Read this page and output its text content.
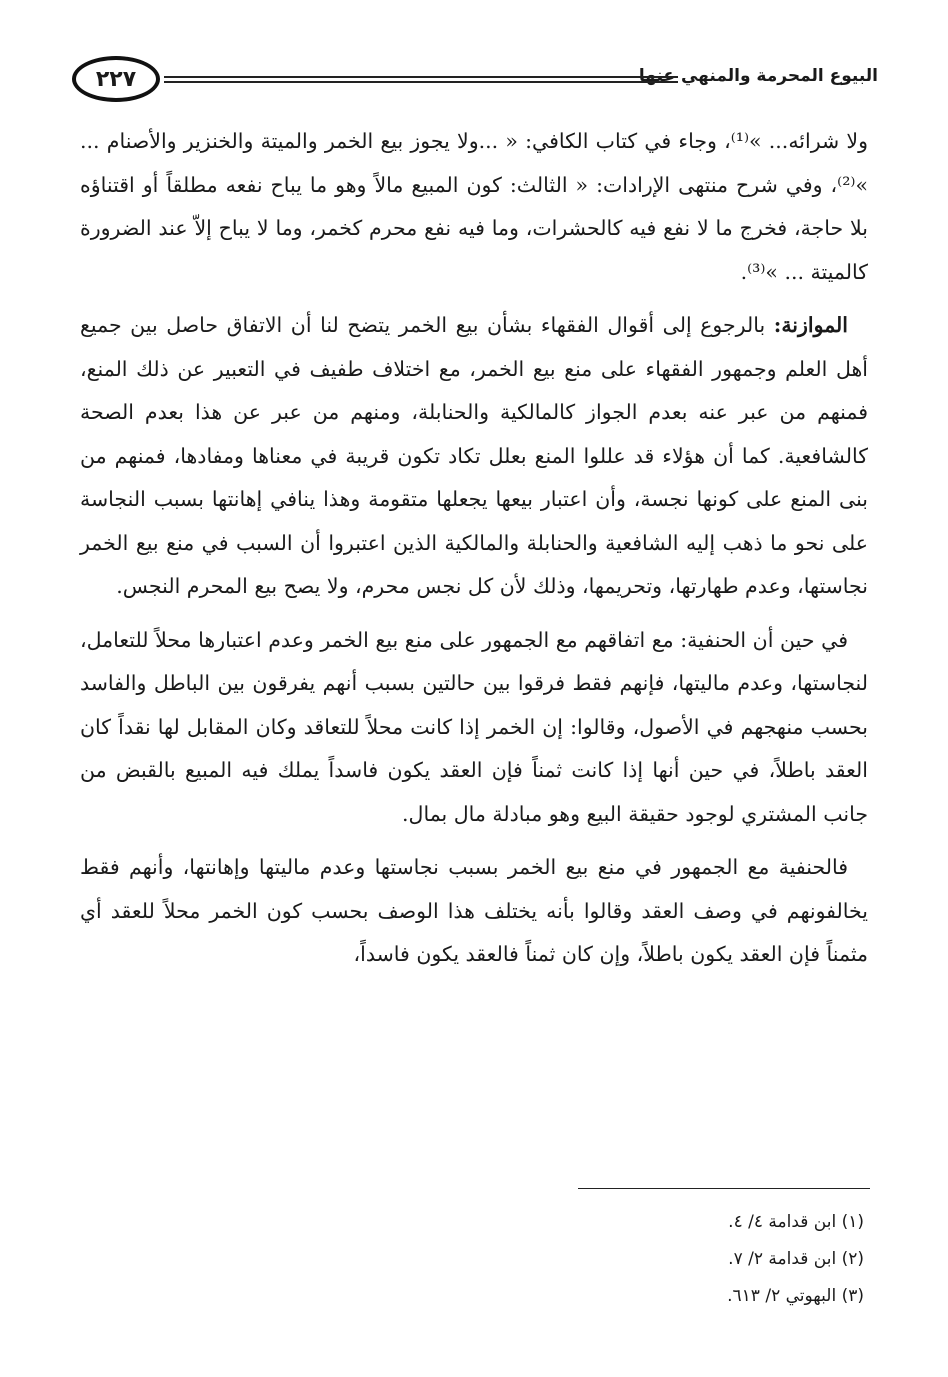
البيوع المحرمة والمنهي عنها
٢٢٧

ولا شرائه... »⁽¹⁾، وجاء في كتاب الكافي: « ...ولا يجوز بيع الخمر والميتة والخنزير والأصنام ... »⁽²⁾، وفي شرح منتهى الإرادات: « الثالث: كون المبيع مالاً وهو ما يباح نفعه مطلقاً أو اقتناؤه بلا حاجة، فخرج ما لا نفع فيه كالحشرات، وما فيه نفع محرم كخمر، وما لا يباح إلاّ عند الضرورة كالميتة ... »⁽³⁾.

الموازنة: بالرجوع إلى أقوال الفقهاء بشأن بيع الخمر يتضح لنا أن الاتفاق حاصل بين جميع أهل العلم وجمهور الفقهاء على منع بيع الخمر، مع اختلاف طفيف في التعبير عن ذلك المنع، فمنهم من عبر عنه بعدم الجواز كالمالكية والحنابلة، ومنهم من عبر عن هذا بعدم الصحة كالشافعية. كما أن هؤلاء قد عللوا المنع بعلل تكاد تكون قريبة في معناها ومفادها، فمنهم من بنى المنع على كونها نجسة، وأن اعتبار بيعها يجعلها متقومة وهذا ينافي إهانتها بسبب النجاسة على نحو ما ذهب إليه الشافعية والحنابلة والمالكية الذين اعتبروا أن السبب في منع بيع الخمر نجاستها، وعدم طهارتها، وتحريمها، وذلك لأن كل نجس محرم، ولا يصح بيع المحرم النجس.

في حين أن الحنفية: مع اتفاقهم مع الجمهور على منع بيع الخمر وعدم اعتبارها محلاً للتعامل، لنجاستها، وعدم ماليتها، فإنهم فقط فرقوا بين حالتين بسبب أنهم يفرقون بين الباطل والفاسد بحسب منهجهم في الأصول، وقالوا: إن الخمر إذا كانت محلاً للتعاقد وكان المقابل لها نقداً كان العقد باطلاً، في حين أنها إذا كانت ثمناً فإن العقد يكون فاسداً يملك فيه المبيع بالقبض من جانب المشتري لوجود حقيقة البيع وهو مبادلة مال بمال.

فالحنفية مع الجمهور في منع بيع الخمر بسبب نجاستها وعدم ماليتها وإهانتها، وأنهم فقط يخالفونهم في وصف العقد وقالوا بأنه يختلف هذا الوصف بحسب كون الخمر محلاً للعقد أي مثمناً فإن العقد يكون باطلاً، وإن كان ثمناً فالعقد يكون فاسداً،

(١) ابن قدامة ٤/ ٤.

(٢) ابن قدامة ٢/ ٧.

(٣) البهوتي ٢/ ٦١٣.
